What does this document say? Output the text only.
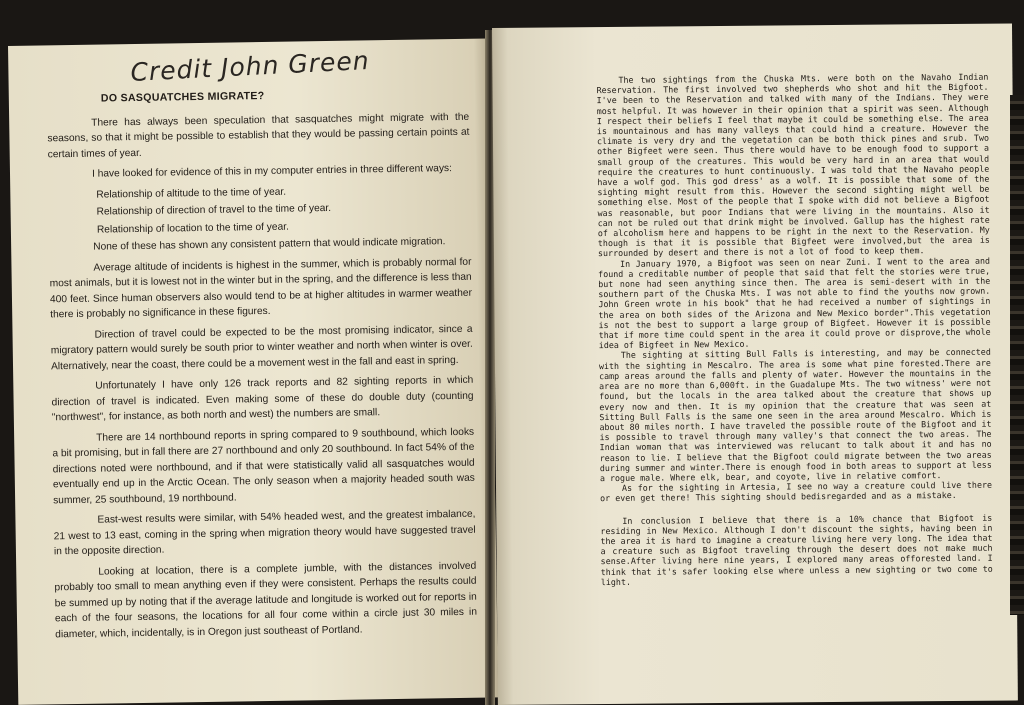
Credit John Green
DO SASQUATCHES MIGRATE?

There has always been speculation that sasquatches might migrate with the seasons, so that it might be possible to establish that they would be passing certain points at certain times of year.

I have looked for evidence of this in my computer entries in three different ways:

Relationship of altitude to the time of year.

Relationship of direction of travel to the time of year.

Relationship of location to the time of year.

None of these has shown any consistent pattern that would indicate migration.

Average altitude of incidents is highest in the summer, which is probably normal for most animals, but it is lowest not in the winter but in the spring, and the difference is less than 400 feet. Since human observers also would tend to be at higher altitudes in warmer weather there is probably no significance in these figures.

Direction of travel could be expected to be the most promising indicator, since a migratory pattern would surely be south prior to winter weather and north when winter is over. Alternatively, near the coast, there could be a movement west in the fall and east in spring.

Unfortunately I have only 126 track reports and 82 sighting reports in which direction of travel is indicated. Even making some of these do double duty (counting "northwest", for instance, as both north and west) the numbers are small.

There are 14 northbound reports in spring compared to 9 southbound, which looks a bit promising, but in fall there are 27 northbound and only 20 southbound. In fact 54% of the directions noted were northbound, and if that were statistically valid all sasquatches would eventually end up in the Arctic Ocean. The only season when a majority headed south was summer, 25 southbound, 19 northbound.

East-west results were similar, with 54% headed west, and the greatest imbalance, 21 west to 13 east, coming in the spring when migration theory would have suggested travel in the opposite direction.

Looking at location, there is a complete jumble, with the distances involved probably too small to mean anything even if they were consistent. Perhaps the results could be summed up by noting that if the average latitude and longitude is worked out for reports in each of the four seasons, the locations for all four come within a circle just 30 miles in diameter, which, incidentally, is in Oregon just southeast of Portland.

The two sightings from the Chuska Mts. were both on the Navaho Indian Reservation. The first involved two shepherds who shot and hit the Bigfoot. I've been to the Reservation and talked with many of the Indians. They were most helpful. It was however in their opinion that a spirit was seen. Although I respect their beliefs I feel that maybe it could be something else. The area is mountainous and has many valleys that could hind a creature. However the climate is very dry and the vegetation can be both thick pines and srub. Two other Bigfeet were seen. Thus there would have to be enough food to support a small group of the creatures. This would be very hard in an area that would require the creatures to hunt continuously. I was told that the Navaho people have a wolf god. This god dress' as a wolf. It is possible that some of the sighting might result from this. However the second sighting might well be something else. Most of the people that I spoke with did not believe a Bigfoot was reasonable, but poor Indians that were living in the mountains. Also it can not be ruled out that drink might be involved. Gallup has the highest rate of alcoholism here and happens to be right in the next to the Reservation. My though is that it is possible that Bigfeet were involved,but the area is surrounded by desert and there is not a lot of food to keep them.

In January 1970, a Bigfoot was seen on near Zuni. I went to the area and found a creditable number of people that said that felt the stories were true, but none had seen anything since then. The area is semi-desert with in the southern part of the Chuska Mts. I was not able to find the youths now grown. John Green wrote in his book" that he had received a number of sightings in the area on both sides of the Arizona and New Mexico border".This vegetation is not the best to support a large group of Bigfeet. However it is possible that if more time could spent in the area it could prove or disprove,the whole idea of Bigfeet in New Mexico.

The sighting at sitting Bull Falls is interesting, and may be connected with the sighting in Mescalro. The area is some what pine forested.There are camp areas around the falls and plenty of water. However the mountains in the area are no more than 6,000ft. in the Guadalupe Mts. The two witness' were not found, but the locals in the area talked about the creature that shows up every now and then. It is my opinion that the creature that was seen at Sitting Bull Falls is the same one seen in the area around Mescalro. Which is about 80 miles north. I have traveled the possible route of the Bigfoot and it is possible to travel through many valley's that connect the two areas. The Indian woman that was interviewed was relucant to talk about it and has no reason to lie. I believe that the Bigfoot could migrate between the two areas during summer and winter.There is enough food in both areas to support at less a rogue male. Where elk, bear, and coyote, live in relative comfort.

As for the sighting in Artesia, I see no way a creature could live there or even get there! This sighting should bedisregarded and as a mistake.

In conclusion I believe that there is a 10% chance that Bigfoot is residing in New Mexico. Although I don't discount the sights, having been in the area it is hard to imagine a creature living here very long. The idea that a creature such as Bigfoot traveling through the desert does not make much sense.After living here nine years, I explored many areas offorested land. I think that it's safer looking else where unless a new sighting or two come to light.
